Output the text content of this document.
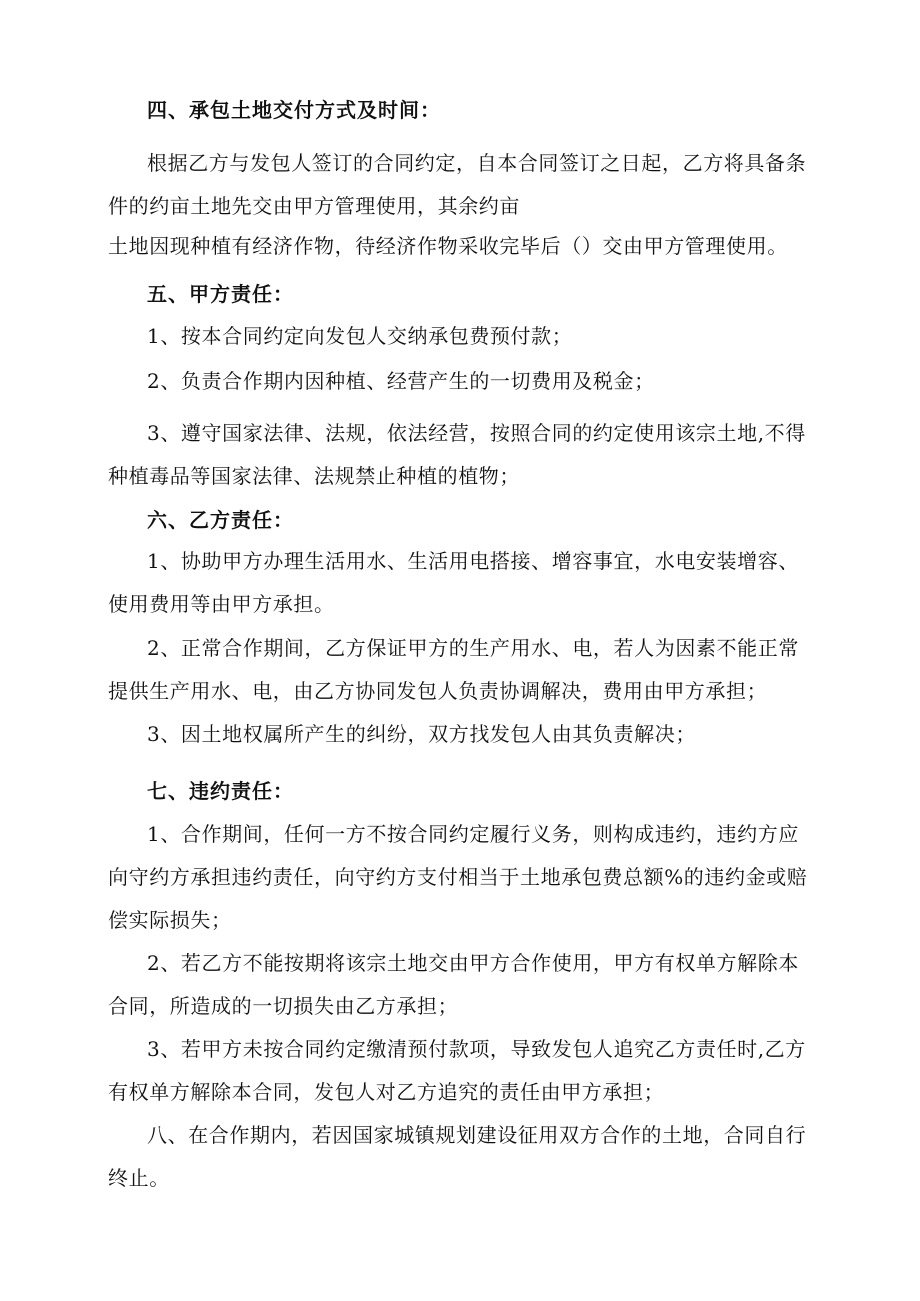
四、承包土地交付方式及时间：
根据乙方与发包人签订的合同约定，自本合同签订之日起，乙方将具备条
件的约亩土地先交由甲方管理使用，其余约亩
土地因现种植有经济作物，待经济作物采收完毕后（）交由甲方管理使用。
五、甲方责任：
1、按本合同约定向发包人交纳承包费预付款；
2、负责合作期内因种植、经营产生的一切费用及税金；
3、遵守国家法律、法规，依法经营，按照合同的约定使用该宗土地,不得
种植毒品等国家法律、法规禁止种植的植物；
六、乙方责任：
1、协助甲方办理生活用水、生活用电搭接、增容事宜，水电安装增容、
使用费用等由甲方承担。
2、正常合作期间，乙方保证甲方的生产用水、电，若人为因素不能正常
提供生产用水、电，由乙方协同发包人负责协调解决，费用由甲方承担；
3、因土地权属所产生的纠纷，双方找发包人由其负责解决；
七、违约责任：
1、合作期间，任何一方不按合同约定履行义务，则构成违约，违约方应
向守约方承担违约责任，向守约方支付相当于土地承包费总额%的违约金或赔
偿实际损失；
2、若乙方不能按期将该宗土地交由甲方合作使用，甲方有权单方解除本
合同，所造成的一切损失由乙方承担；
3、若甲方未按合同约定缴清预付款项，导致发包人追究乙方责任时,乙方
有权单方解除本合同，发包人对乙方追究的责任由甲方承担；
八、在合作期内，若因国家城镇规划建设征用双方合作的土地，合同自行
终止。
